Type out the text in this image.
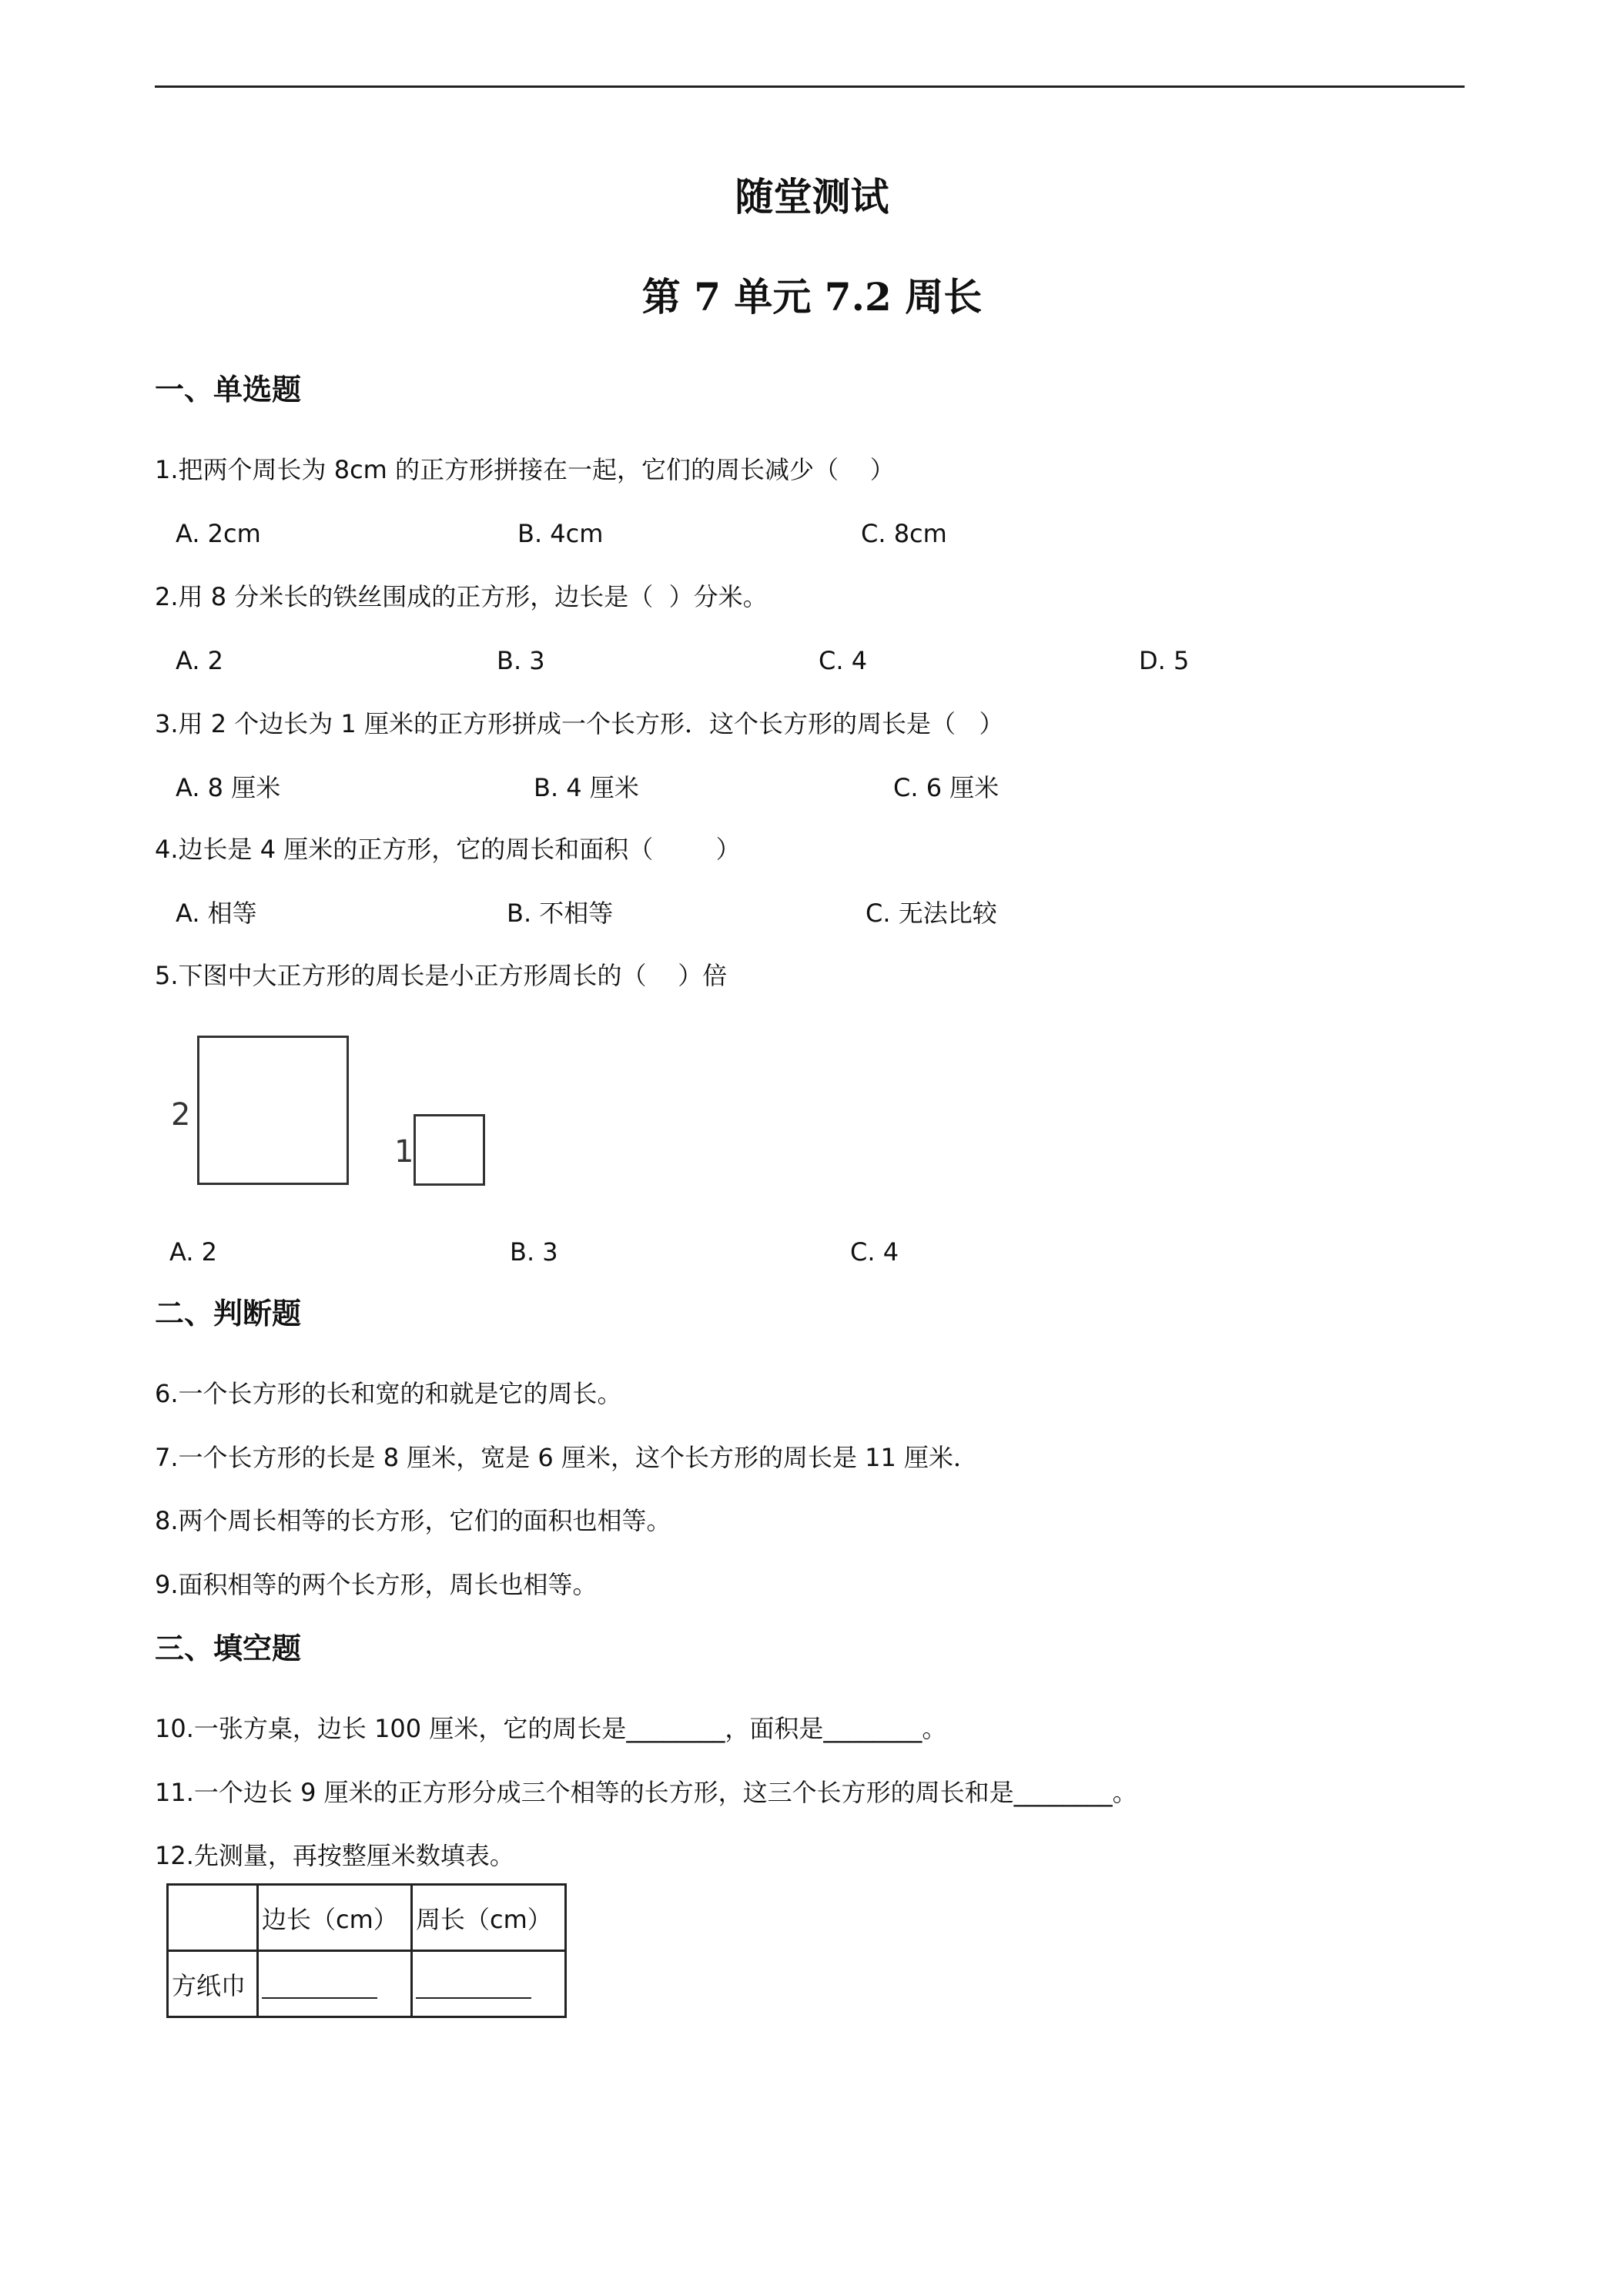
随堂测试
第 7 单元 7.2 周长
一、单选题
1.把两个周长为 8cm 的正方形拼接在一起，它们的周长减少（    ）
A. 2cm	B. 4cm	C. 8cm
2.用 8 分米长的铁丝围成的正方形，边长是（  ）分米。
A. 2	B. 3	C. 4	D. 5
3.用 2 个边长为 1 厘米的正方形拼成一个长方形．这个长方形的周长是（   ）
A. 8 厘米	B. 4 厘米	C. 6 厘米
4.边长是 4 厘米的正方形，它的周长和面积（        ）
A. 相等	B. 不相等	C. 无法比较
5.下图中大正方形的周长是小正方形周长的（    ）倍
2
1
A. 2	B. 3	C. 4
二、判断题
6.一个长方形的长和宽的和就是它的周长。
7.一个长方形的长是 8 厘米，宽是 6 厘米，这个长方形的周长是 11 厘米．
8.两个周长相等的长方形，它们的面积也相等。
9.面积相等的两个长方形，周长也相等。
三、填空题
10.一张方桌，边长 100 厘米，它的周长是________，面积是________。
11.一个边长 9 厘米的正方形分成三个相等的长方形，这三个长方形的周长和是________。
12.先测量，再按整厘米数填表。
	边长（cm）	周长（cm）
方纸巾		
